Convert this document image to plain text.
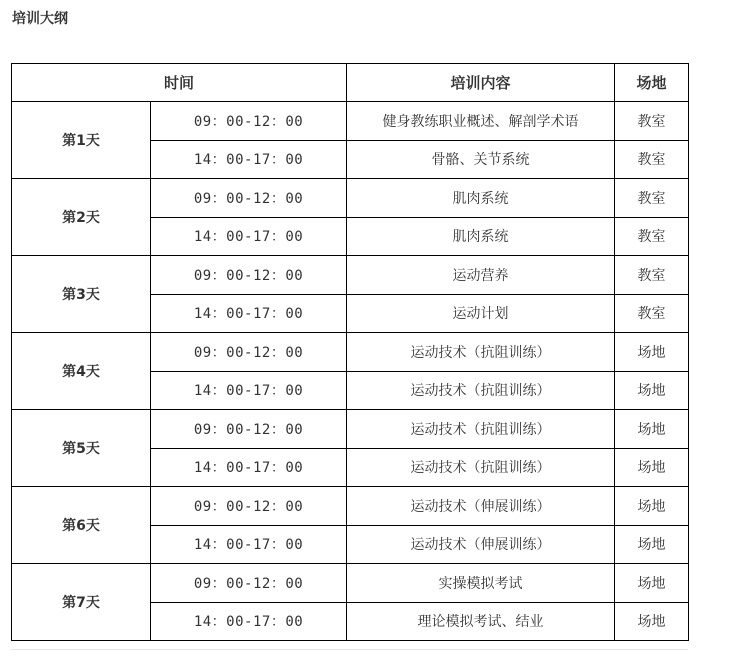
培训大纲
时间		培训内容	场地
第1天	09：00-12：00	健身教练职业概述、解剖学术语	教室
	14：00-17：00	骨骼、关节系统	教室
第2天	09：00-12：00	肌肉系统	教室
	14：00-17：00	肌肉系统	教室
第3天	09：00-12：00	运动营养	教室
	14：00-17：00	运动计划	教室
第4天	09：00-12：00	运动技术（抗阻训练）	场地
	14：00-17：00	运动技术（抗阻训练）	场地
第5天	09：00-12：00	运动技术（抗阻训练）	场地
	14：00-17：00	运动技术（抗阻训练）	场地
第6天	09：00-12：00	运动技术（伸展训练）	场地
	14：00-17：00	运动技术（伸展训练）	场地
第7天	09：00-12：00	实操模拟考试	场地
	14：00-17：00	理论模拟考试、结业	场地
